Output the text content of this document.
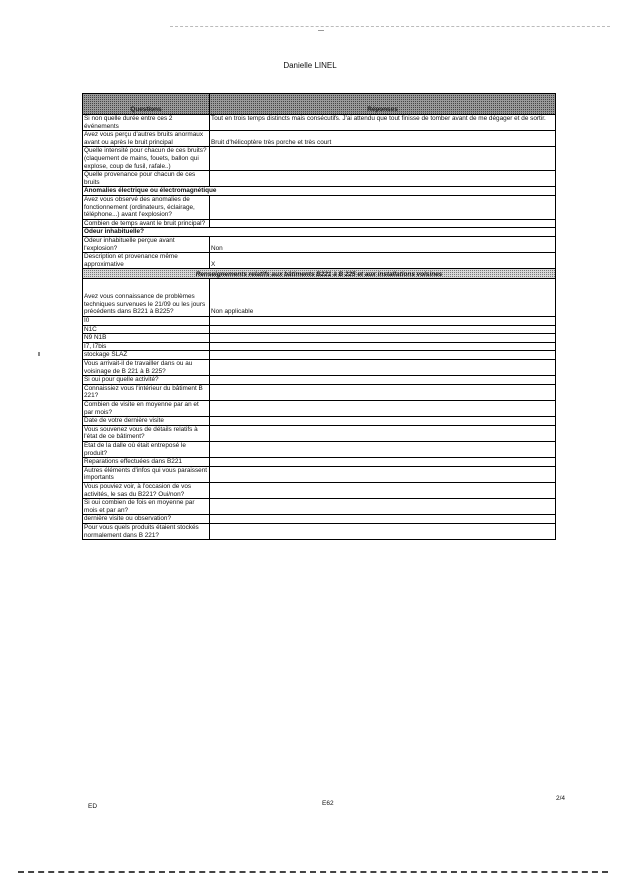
Danielle LINEL
Questions	Réponses
Si non quelle durée entre ces 2 événements	Tout en trois temps distincts mais consécutifs. J'ai attendu que tout finisse de tomber avant de me dégager et de sortir.
Avez vous perçu d'autres bruits anormaux avant ou après le bruit principal	Bruit d'hélicoptère très porche et très court
Quelle intensité pour chacun de ces bruits? (claquement de mains, fouets, ballon qui explose, coup de fusil, rafale..)	
Quelle provenance pour chacun de ces bruits	
Anomalies électrique ou électromagnétique	
Avez vous observé des anomalies de fonctionnement (ordinateurs, éclairage, téléphone...) avant l'explosion?	
Combien de temps avant le bruit principal?	
Odeur inhabituelle?	
Odeur inhabituelle perçue avant l'explosion?	Non
Description et provenance même approximative	X
Renseignements relatifs aux bâtiments B221 à B 225 et aux installations voisines	
Avez vous connaissance de problèmes techniques survenues le 21/09 ou les jours précédents dans B221 à B225?	Non applicable
I0	
N1C	
N9 N1B	
I7, I7bis	
stockage SLAZ	
Vous arrivait-il de travailler dans ou au voisinage de B 221 à B 225?	
Si oui pour quelle activité?	
Connaissiez vous l'intérieur du bâtiment B 221?	
Combien de visite en moyenne par an et par mois?	
Date de votre dernière visite	
Vous souvenez vous de détails relatifs à l'état de ce bâtiment?	
Etat de la dalle où était entreposé le produit?	
Reparations effectuées dans B221	
Autres éléments d'infos qui vous paraissent importants	
Vous pouviez voir, à l'occasion de vos activités, le sas du B221? Oui/non?	
Si oui combien de fois en moyenne par mois et par an?	
dernière visite ou observation?	
Pour vous quels produits étaient stockés normalement dans B 221?	
ED	E62
2/4
